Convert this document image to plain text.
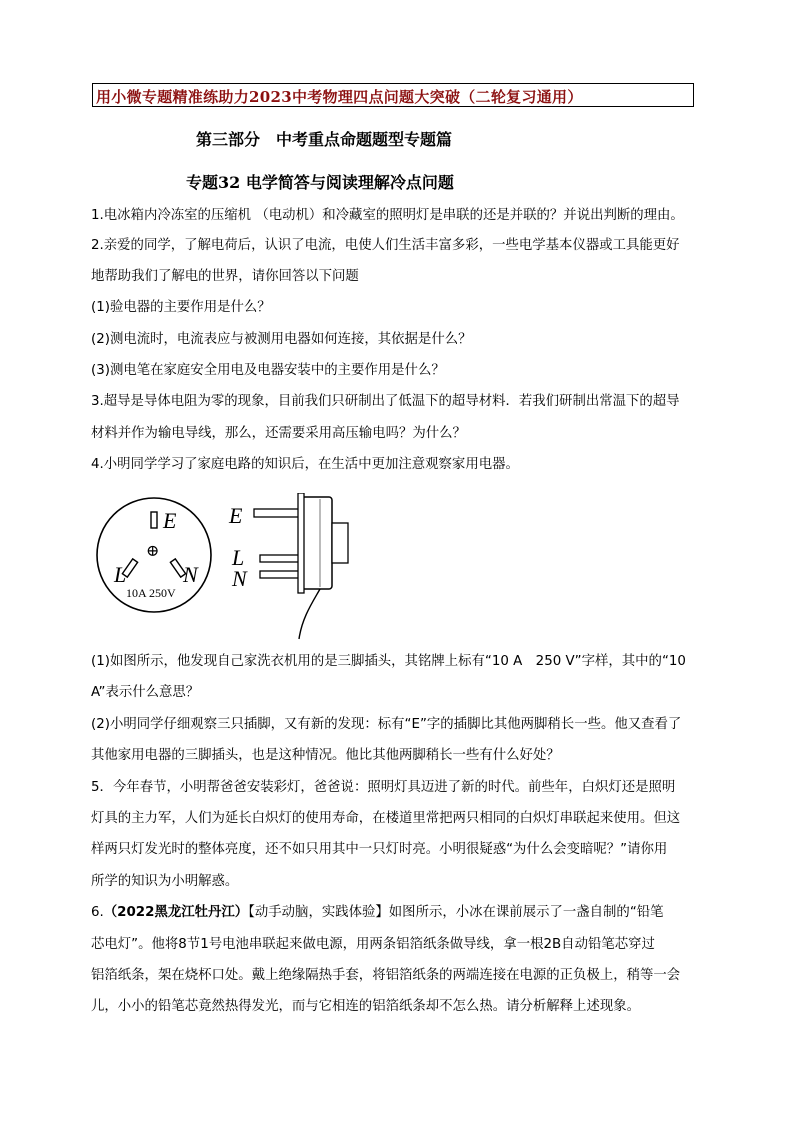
用小微专题精准练助力2023中考物理四点问题大突破（二轮复习通用）
第三部分　中考重点命题题型专题篇
专题32 电学简答与阅读理解冷点问题
1.电冰箱内冷冻室的压缩机 （电动机）和冷藏室的照明灯是串联的还是并联的？并说出判断的理由。
2.亲爱的同学，了解电荷后，认识了电流，电使人们生活丰富多彩，一些电学基本仪器或工具能更好
地帮助我们了解电的世界，请你回答以下问题
(1)验电器的主要作用是什么？
(2)测电流时，电流表应与被测用电器如何连接，其依据是什么？
(3)测电笔在家庭安全用电及电器安装中的主要作用是什么？
3.超导是导体电阻为零的现象，目前我们只研制出了低温下的超导材料．若我们研制出常温下的超导
材料并作为输电导线，那么，还需要采用高压输电吗？为什么？
4.小明同学学习了家庭电路的知识后，在生活中更加注意观察家用电器。
E
⊕
L	N
10A 250V
E
L
N
(1)如图所示，他发现自己家洗衣机用的是三脚插头，其铭牌上标有“10 A　250 V”字样，其中的“10
A”表示什么意思？
(2)小明同学仔细观察三只插脚，又有新的发现：标有“E”字的插脚比其他两脚稍长一些。他又查看了
其他家用电器的三脚插头，也是这种情况。他比其他两脚稍长一些有什么好处？
5．今年春节，小明帮爸爸安装彩灯，爸爸说：照明灯具迈进了新的时代。前些年，白炽灯还是照明
灯具的主力军，人们为延长白炽灯的使用寿命，在楼道里常把两只相同的白炽灯串联起来使用。但这
样两只灯发光时的整体亮度，还不如只用其中一只灯时亮。小明很疑惑“为什么会变暗呢？”请你用
所学的知识为小明解惑。
6.（2022黑龙江牡丹江）【动手动脑，实践体验】如图所示，小冰在课前展示了一盏自制的“铅笔
芯电灯”。他将8节1号电池串联起来做电源，用两条铝箔纸条做导线，拿一根2B自动铅笔芯穿过
铝箔纸条，架在烧杯口处。戴上绝缘隔热手套，将铝箔纸条的两端连接在电源的正负极上，稍等一会
儿，小小的铅笔芯竟然热得发光，而与它相连的铝箔纸条却不怎么热。请分析解释上述现象。
